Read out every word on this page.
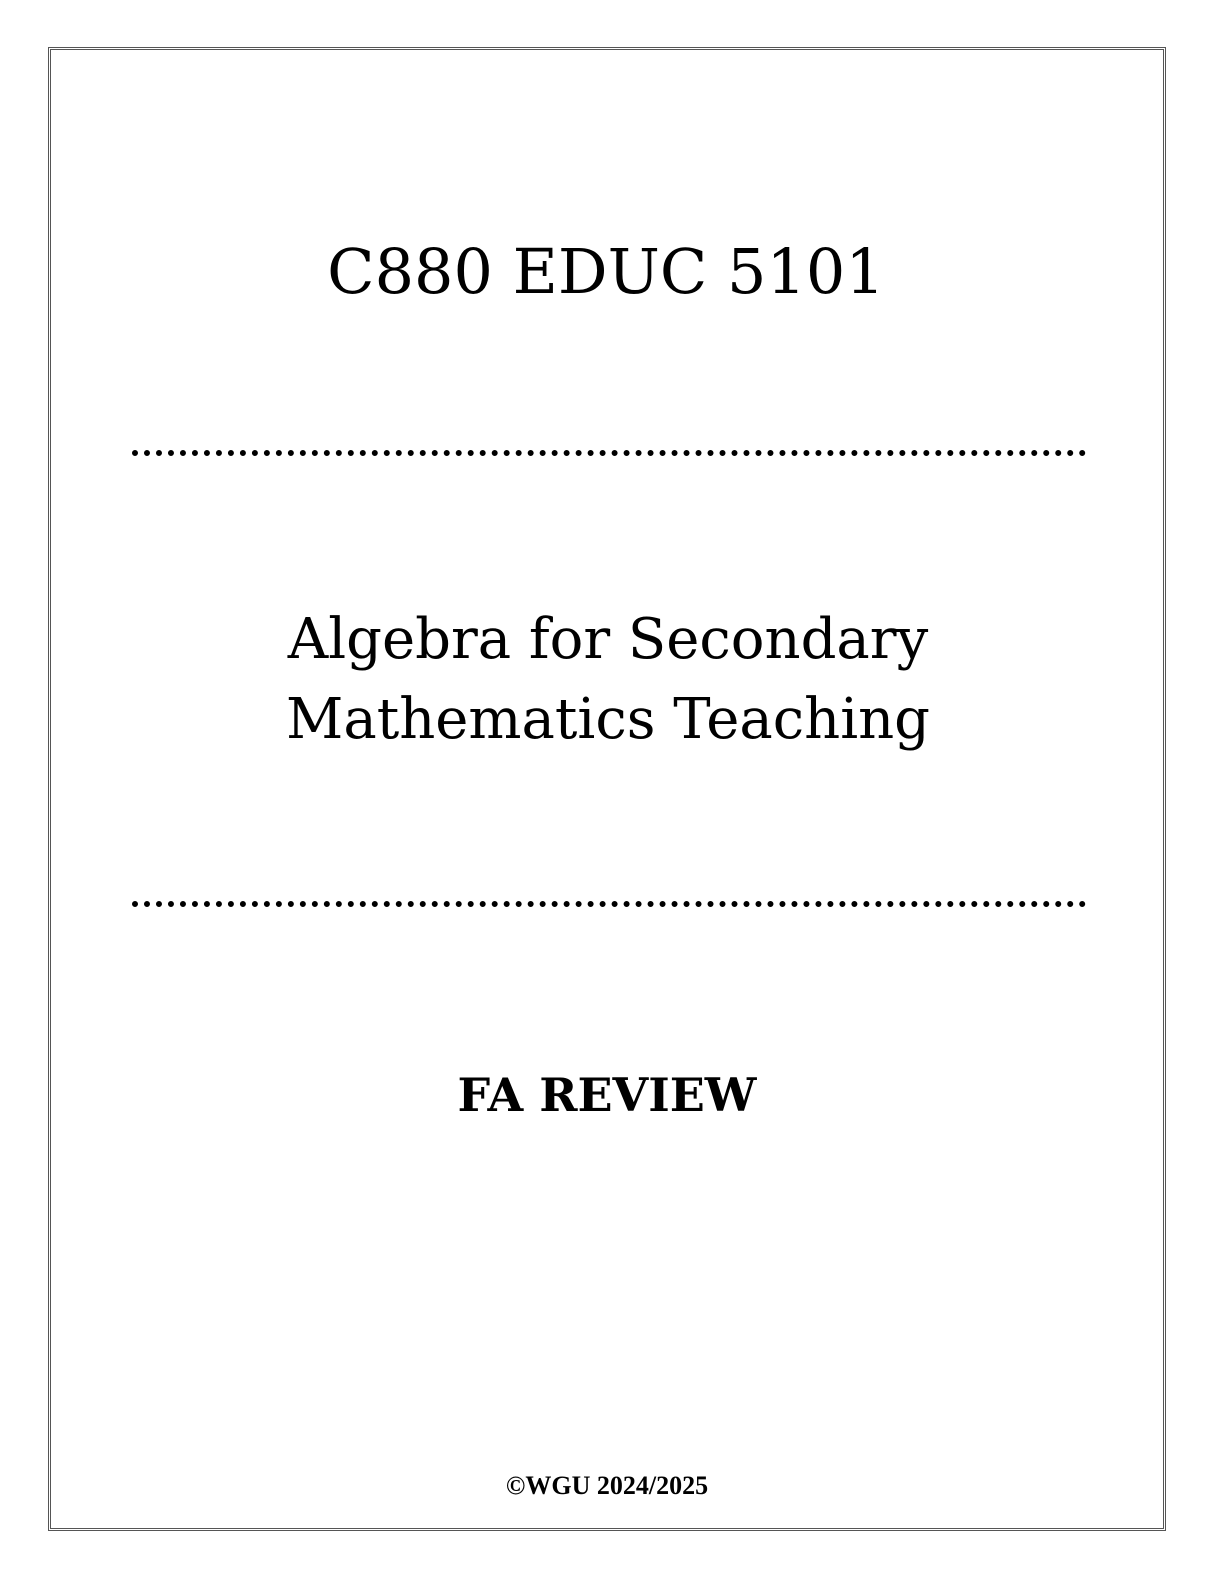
C880 EDUC 5101
Algebra for Secondary
Mathematics Teaching
FA REVIEW
©WGU 2024/2025
